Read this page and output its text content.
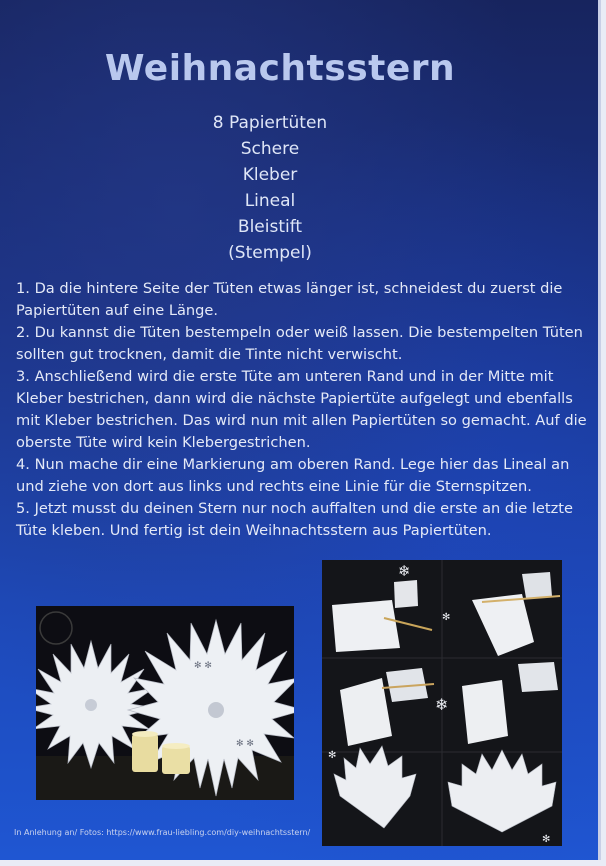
Weihnachtsstern
8 Papiertüten
Schere
Kleber
Lineal
Bleistift
(Stempel)

1. Da die hintere Seite der Tüten etwas länger ist, schneidest du zuerst die Papiertüten auf eine Länge.

2. Du kannst die Tüten bestempeln oder weiß lassen. Die bestempelten Tüten sollten gut trocknen, damit die Tinte nicht verwischt.

3. Anschließend wird die erste Tüte am unteren Rand und in der Mitte mit Kleber bestrichen, dann wird die nächste Papiertüte aufgelegt und ebenfalls mit Kleber bestrichen. Das wird nun mit allen Papiertüten so gemacht. Auf die oberste Tüte wird kein Klebergestrichen.

4. Nun mache dir eine Markierung am oberen Rand. Lege hier das Lineal an und ziehe von dort aus links und rechts eine Linie für die Sternspitzen.

5. Jetzt musst du deinen Stern nur noch auffalten und die erste an die letzte Tüte kleben. Und fertig ist dein Weihnachtsstern aus Papiertüten.

✻ ✻
✻ ✻
❄
❄
✻
✻
✻
In Anlehung an/ Fotos: https://www.frau-liebling.com/diy-weihnachtsstern/
